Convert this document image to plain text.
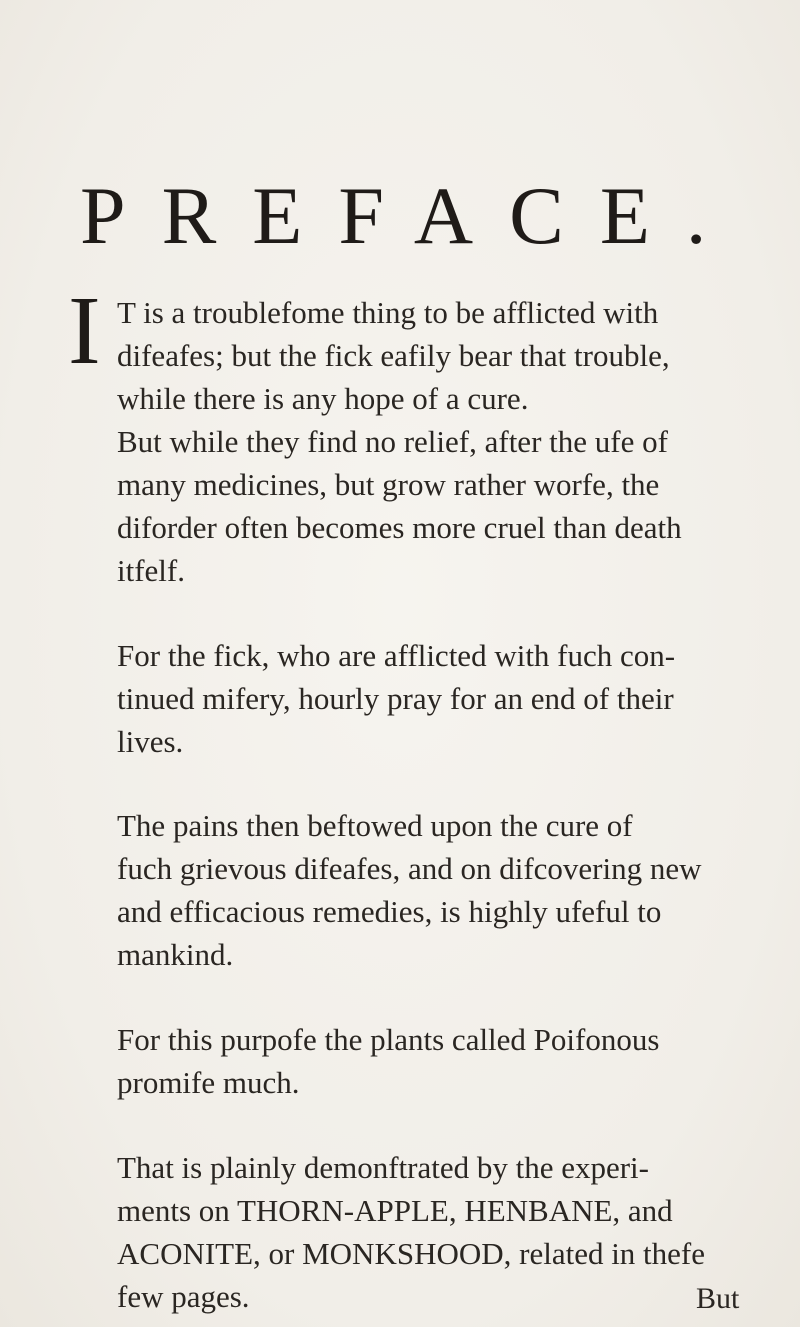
PREFACE.
I T is a troublefome thing to be afflicted with
difeafes; but the fick eafily bear that trouble,
while there is any hope of a cure.
But while they find no relief, after the ufe of
many medicines, but grow rather worfe, the
diforder often becomes more cruel than death
itfelf.
For the fick, who are afflicted with fuch con-
tinued mifery, hourly pray for an end of their
lives.
The pains then beftowed upon the cure of
fuch grievous difeafes, and on difcovering new
and efficacious remedies, is highly ufeful to
mankind.
For this purpofe the plants called Poifonous
promife much.
That is plainly demonftrated by the experi-
ments on THORN-APPLE, HENBANE, and
ACONITE, or MONKSHOOD, related in thefe
few pages.	But
